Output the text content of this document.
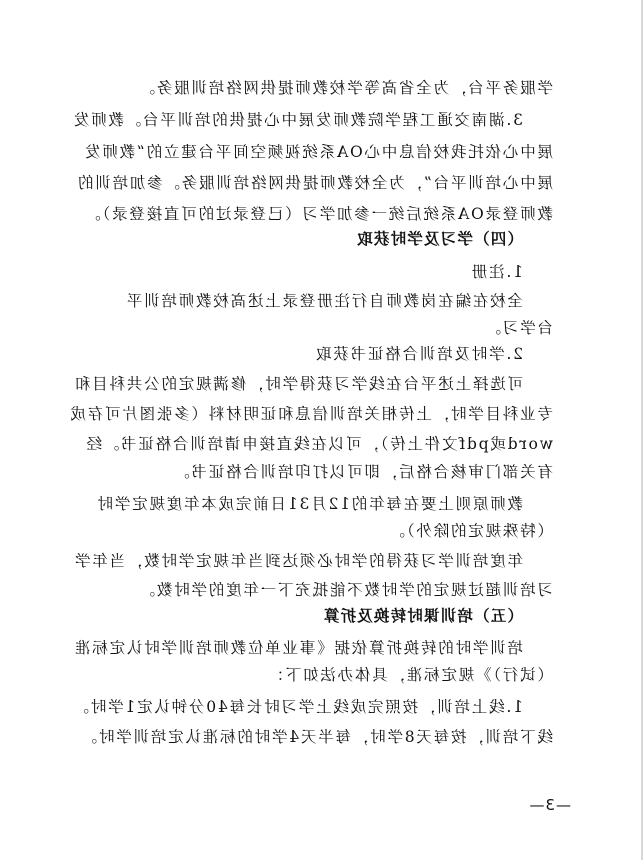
学服务平台，为全省高等学校教师提供网络培训服务。
3.湖南交通工程学院教师发展中心提供的培训平台。教师发
展中心依托我校信息中心OA系统视频空间平台建立的“教师发
展中心培训平台”，为全校教师提供网络培训服务。参加培训的
教师登录OA系统后统一参加学习（已登录过的可直接登录）。
（四）学习及学时获取
1.注册
全校在编在岗教师自行注册登录上述高校教师培训平
台学习。
2.学时及培训合格证书获取
可选择上述平台在线学习获得学时，修满规定的公共科目和
专业科目学时，上传相关培训信息和证明材料（多张图片可存成
word或pdf文件上传），可以在线直接申请培训合格证书。经
有关部门审核合格后，即可以打印培训合格证书。
教师原则上要在每年的12月31日前完成本年度规定学时
（特殊规定的除外）。
年度培训学习获得的学时必须达到当年规定学时数，当年学
习培训超过规定的学时数不能抵充下一年度的学时数。
（五）培训课时转换及折算
培训学时的转换折算依据《事业单位教师培训学时认定标准
（试行）》规定标准，具体办法如下：
1.线上培训，按照完成线上学习时长每40分钟认定1学时。
线下培训，按每天8学时，每半天4学时的标准认定培训学时。
—3—
